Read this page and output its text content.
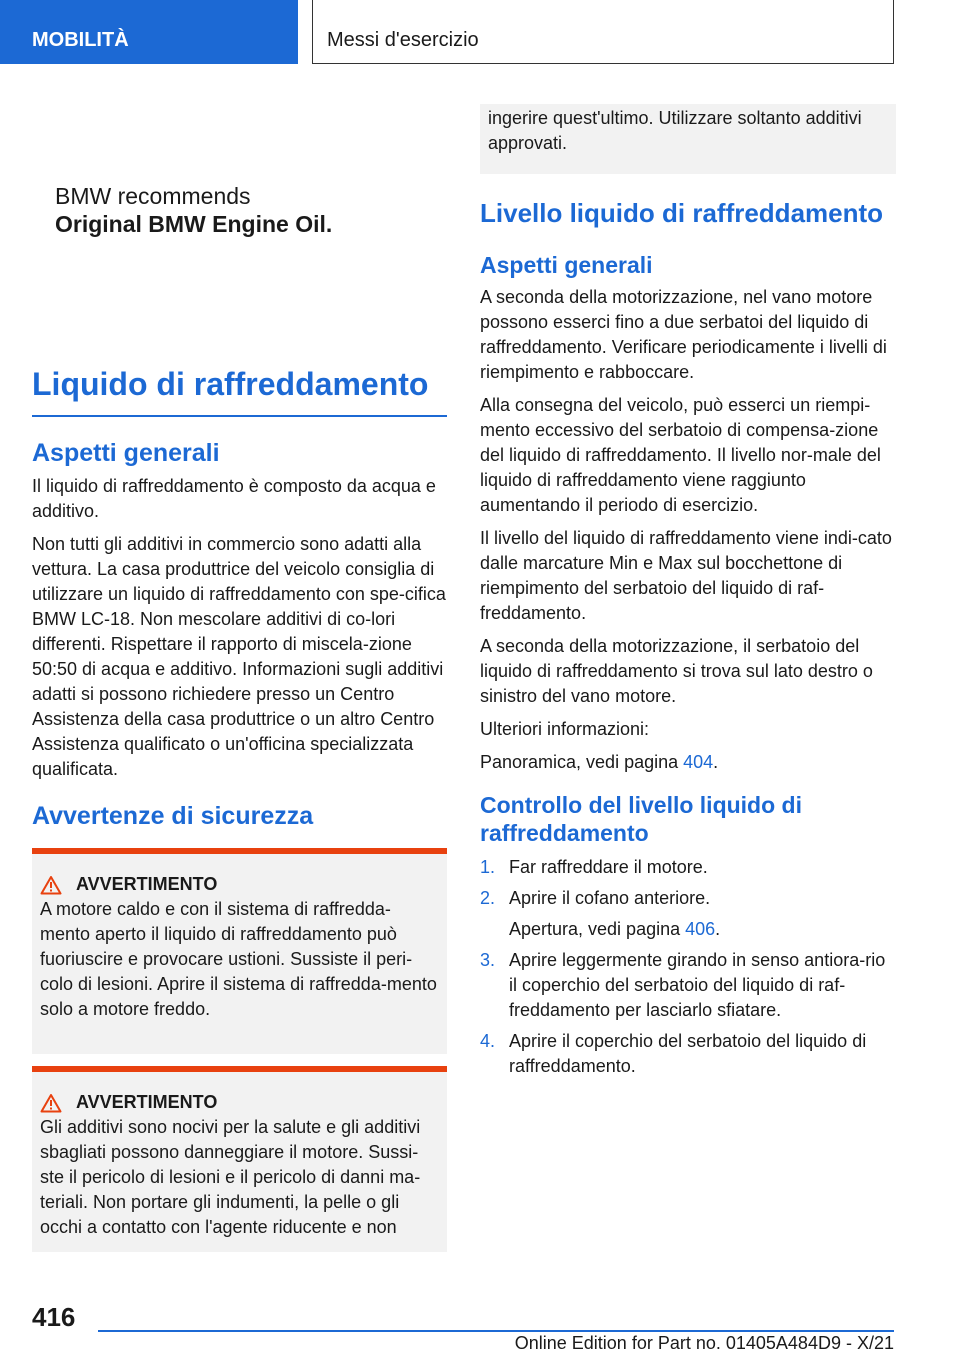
MOBILITÀ	Messi d'esercizio
BMW recommends
Original BMW Engine Oil.
Liquido di raffreddamento
Aspetti generali

Il liquido di raffreddamento è composto da acqua e additivo.

Non tutti gli additivi in commercio sono adatti alla vettura. La casa produttrice del veicolo consiglia di utilizzare un liquido di raffreddamento con spe-cifica BMW LC-18. Non mescolare additivi di co-lori differenti. Rispettare il rapporto di miscela-zione 50:50 di acqua e additivo. Informazioni sugli additivi adatti si possono richiedere presso un Centro Assistenza della casa produttrice o un altro Centro Assistenza qualificato o un'officina specializzata qualificata.

Avvertenze di sicurezza
AVVERTIMENTO

A motore caldo e con il sistema di raffredda-mento aperto il liquido di raffreddamento può fuoriuscire e provocare ustioni. Sussiste il peri-colo di lesioni. Aprire il sistema di raffredda-mento solo a motore freddo.

AVVERTIMENTO

Gli additivi sono nocivi per la salute e gli additivi sbagliati possono danneggiare il motore. Sussi-ste il pericolo di lesioni e il pericolo di danni ma-teriali. Non portare gli indumenti, la pelle o gli occhi a contatto con l'agente riducente e non

ingerire quest'ultimo. Utilizzare soltanto additivi approvati.

Livello liquido di raffreddamento
Aspetti generali

A seconda della motorizzazione, nel vano motore possono esserci fino a due serbatoi del liquido di raffreddamento. Verificare periodicamente i livelli di riempimento e rabboccare.

Alla consegna del veicolo, può esserci un riempi-mento eccessivo del serbatoio di compensa-zione del liquido di raffreddamento. Il livello nor-male del liquido di raffreddamento viene raggiunto aumentando il periodo di esercizio.

Il livello del liquido di raffreddamento viene indi-cato dalle marcature Min e Max sul bocchettone di riempimento del serbatoio del liquido di raf-freddamento.

A seconda della motorizzazione, il serbatoio del liquido di raffreddamento si trova sul lato destro o sinistro del vano motore.

Ulteriori informazioni:

Panoramica, vedi pagina 404.

Controllo del livello liquido di raffreddamento
1. Far raffreddare il motore.
2. Aprire il cofano anteriore.

Apertura, vedi pagina 406.
3. Aprire leggermente girando in senso antiora-rio il coperchio del serbatoio del liquido di raf-freddamento per lasciarlo sfiatare.
4. Aprire il coperchio del serbatoio del liquido di raffreddamento.
416
Online Edition for Part no. 01405A484D9 - X/21
